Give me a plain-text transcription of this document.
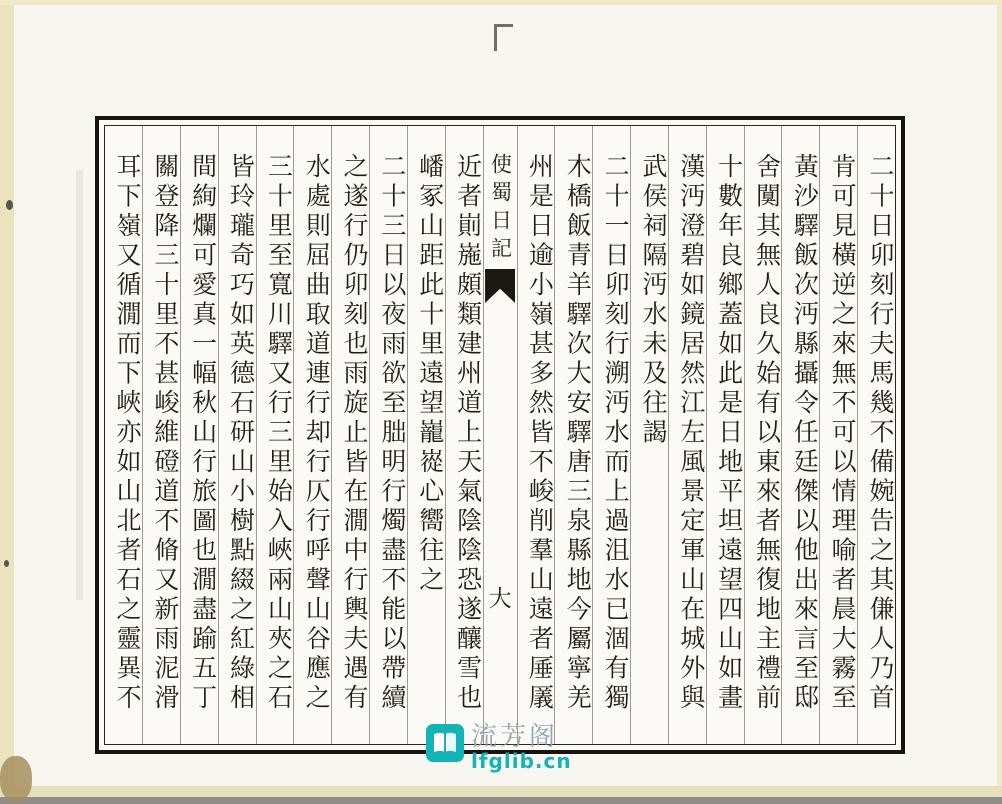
二十日卯刻行夫馬幾不備婉告之其傔人乃首
肯可見橫逆之來無不可以情理喻者晨大霧至
黃沙驛飯次沔縣攝令任廷傑以他出來言至邸
舍闃其無人良久始有以東來者無復地主禮前
十數年良鄉蓋如此是日地平坦遠望四山如畫
漢沔澄碧如鏡居然江左風景定軍山在城外與
武侯祠隔沔水未及往謁
二十一日卯刻行溯沔水而上過沮水已涸有獨
木橋飯青羊驛次大安驛唐三泉縣地今屬寧羌
州是日逾小嶺甚多然皆不峻削羣山遠者厜㕒
使蜀日記
大
近者崱崺頗類建州道上天氣陰陰恐遂釀雪也
嶓冢山距此十里遠望巃嵸心嚮往之
二十三日以夜雨欲至朏明行燭盡不能以帶續
之遂行仍卯刻也雨旋止皆在㵎中行輿夫遇有
水處則屈曲取道連行却行仄行呼聲山谷應之
三十里至寬川驛又行三里始入峽兩山夾之石
皆玲瓏奇巧如英德石研山小樹點綴之紅綠相
間絢爛可愛真一幅秋山行旅圖也㵎盡踰五丁
關登降三十里不甚峻維磴道不脩又新雨泥滑
耳下嶺又循㵎而下峽亦如山北者石之靈異不
流芳阁
lfglib.cn
